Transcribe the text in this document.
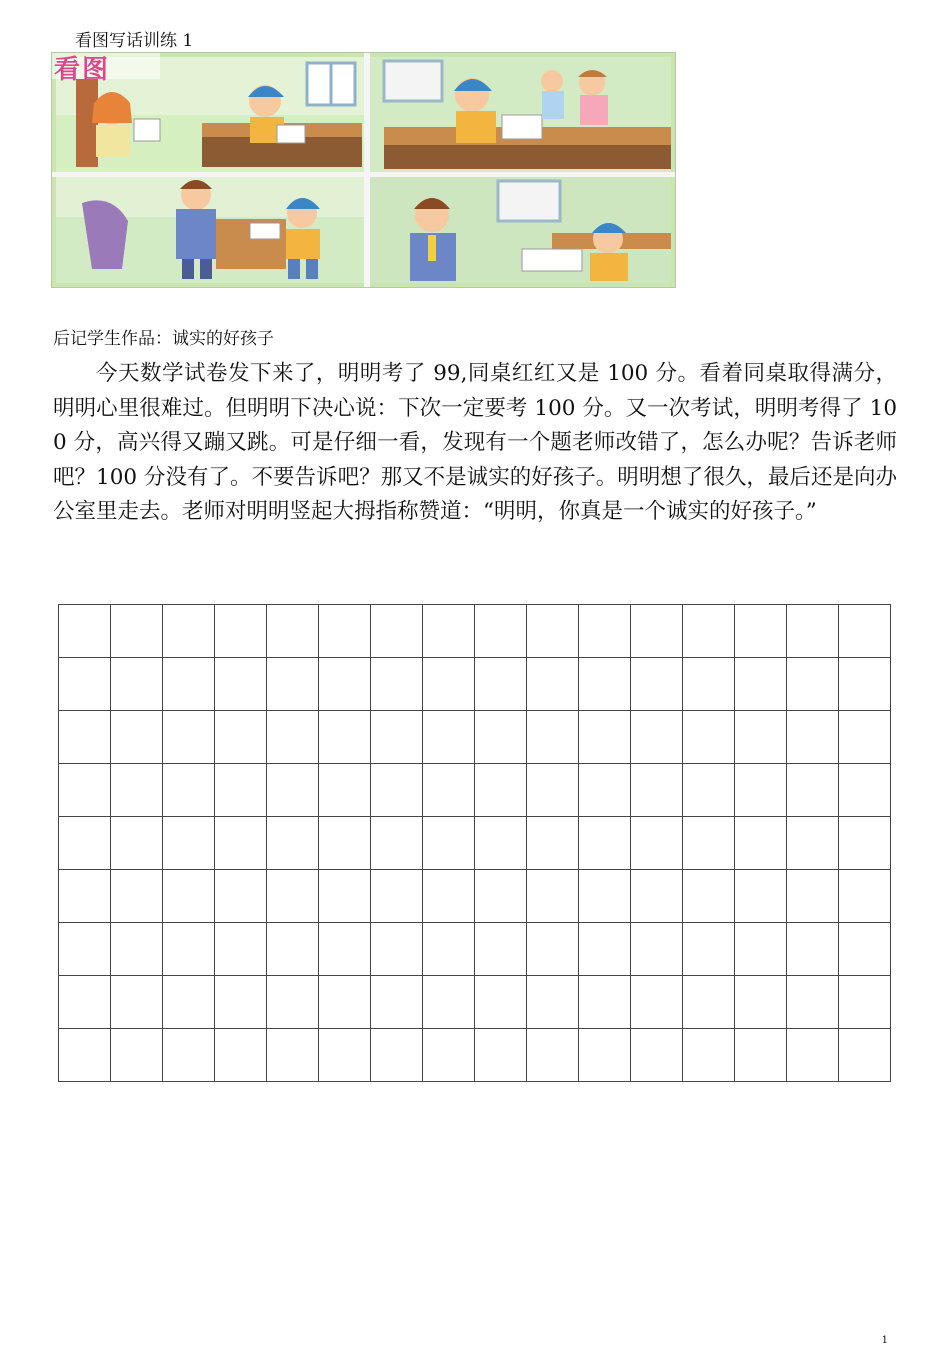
看图写话训练 1
看图
后记学生作品：诚实的好孩子

今天数学试卷发下来了，明明考了 99,同桌红红又是 100 分。看着同桌取得满分，明明心里很难过。但明明下决心说：下次一定要考 100 分。又一次考试，明明考得了 100 分，高兴得又蹦又跳。可是仔细一看，发现有一个题老师改错了，怎么办呢？告诉老师吧？100 分没有了。不要告诉吧？那又不是诚实的好孩子。明明想了很久，最后还是向办公室里走去。老师对明明竖起大拇指称赞道：“明明，你真是一个诚实的好孩子。”

1
